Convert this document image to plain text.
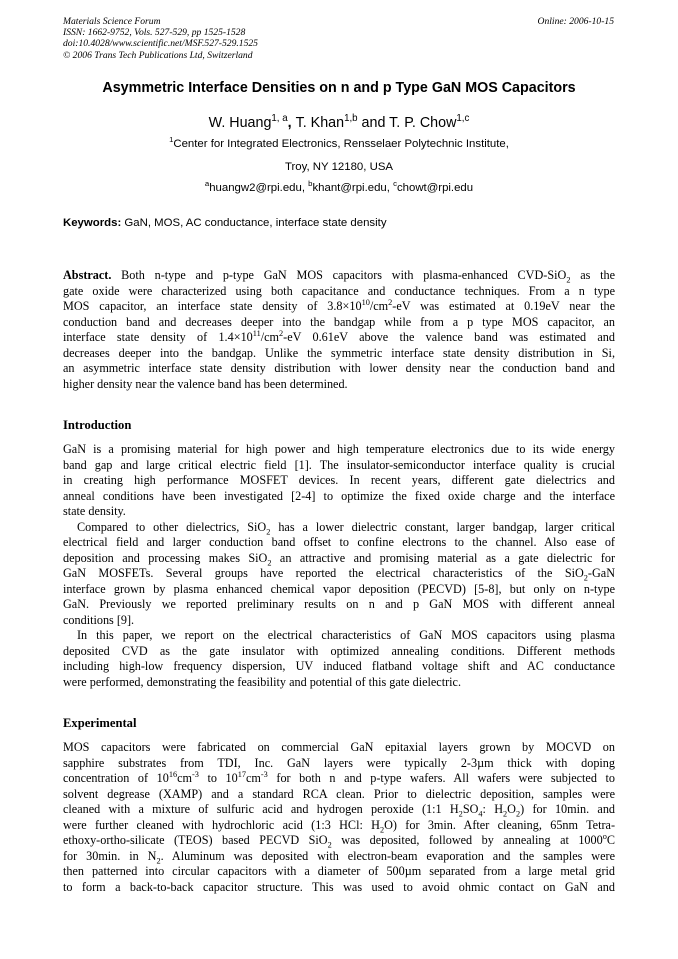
Materials Science Forum
ISSN: 1662-9752, Vols. 527-529, pp 1525-1528
doi:10.4028/www.scientific.net/MSF.527-529.1525
© 2006 Trans Tech Publications Ltd, Switzerland
Online: 2006-10-15
Asymmetric Interface Densities on n and p Type GaN MOS Capacitors
W. Huang$^{1, a}$, T. Khan$^{1,b}$ and T. P. Chow$^{1,c}$
$^1$Center for Integrated Electronics, Rensselaer Polytechnic Institute,
Troy, NY 12180, USA
$^a$huangw2@rpi.edu, $^b$khant@rpi.edu, $^c$chowt@rpi.edu
Keywords: GaN, MOS, AC conductance, interface state density
Abstract. Both n-type and p-type GaN MOS capacitors with plasma-enhanced CVD-SiO$_2$ as the
gate oxide were characterized using both capacitance and conductance techniques. From a n type
MOS capacitor, an interface state density of $3.8\times 10^{10}/cm^2-eV$ was estimated at 0.19eV near the
conduction band and decreases deeper into the bandgap while from a p type MOS capacitor, an
interface state density of $1.4\times 10^{11}/cm^2-eV$ 0.61eV above the valence band was estimated and
decreases deeper into the bandgap. Unlike the symmetric interface state density distribution in Si,
an asymmetric interface state density distribution with lower density near the conduction band and
higher density near the valence band has been determined.
Introduction
GaN is a promising material for high power and high temperature electronics due to its wide energy
band gap and large critical electric field [1]. The insulator-semiconductor interface quality is crucial
in creating high performance MOSFET devices. In recent years, different gate dielectrics and
anneal conditions have been investigated [2-4] to optimize the fixed oxide charge and the interface
state density.
Compared to other dielectrics, SiO$_2$ has a lower dielectric constant, larger bandgap, larger critical
electrical field and larger conduction band offset to confine electrons to the channel. Also ease of
deposition and processing makes SiO$_2$ an attractive and promising material as a gate dielectric for
GaN MOSFETs. Several groups have reported the electrical characteristics of the SiO$_2$-GaN
interface grown by plasma enhanced chemical vapor deposition (PECVD) [5-8], but only on n-type
GaN. Previously we reported preliminary results on n and p GaN MOS with different anneal
conditions [9].
In this paper, we report on the electrical characteristics of GaN MOS capacitors using plasma
deposited CVD as the gate insulator with optimized annealing conditions. Different methods
including high-low frequency dispersion, UV induced flatband voltage shift and AC conductance
were performed, demonstrating the feasibility and potential of this gate dielectric.
Experimental
MOS capacitors were fabricated on commercial GaN epitaxial layers grown by MOCVD on
sapphire substrates from TDI, Inc. GaN layers were typically 2-3µm thick with doping
concentration of $10^{16}cm^{-3}$ to $10^{17}cm^{-3}$ for both n and p-type wafers. All wafers were subjected to
solvent degrease (XAMP) and a standard RCA clean. Prior to dielectric deposition, samples were
cleaned with a mixture of sulfuric acid and hydrogen peroxide (1:1 $H_2SO_4$: $H_2O_2$) for 10min. and
were further cleaned with hydrochloric acid (1:3 HCl: $H_2O$) for 3min. After cleaning, 65nm Tetra-
ethoxy-ortho-silicate (TEOS) based PECVD SiO$_2$ was deposited, followed by annealing at 1000$^o$C
for 30min. in $N_2$. Aluminum was deposited with electron-beam evaporation and the samples were
then patterned into circular capacitors with a diameter of 500µm separated from a large metal grid
to form a back-to-back capacitor structure. This was used to avoid ohmic contact on GaN and
